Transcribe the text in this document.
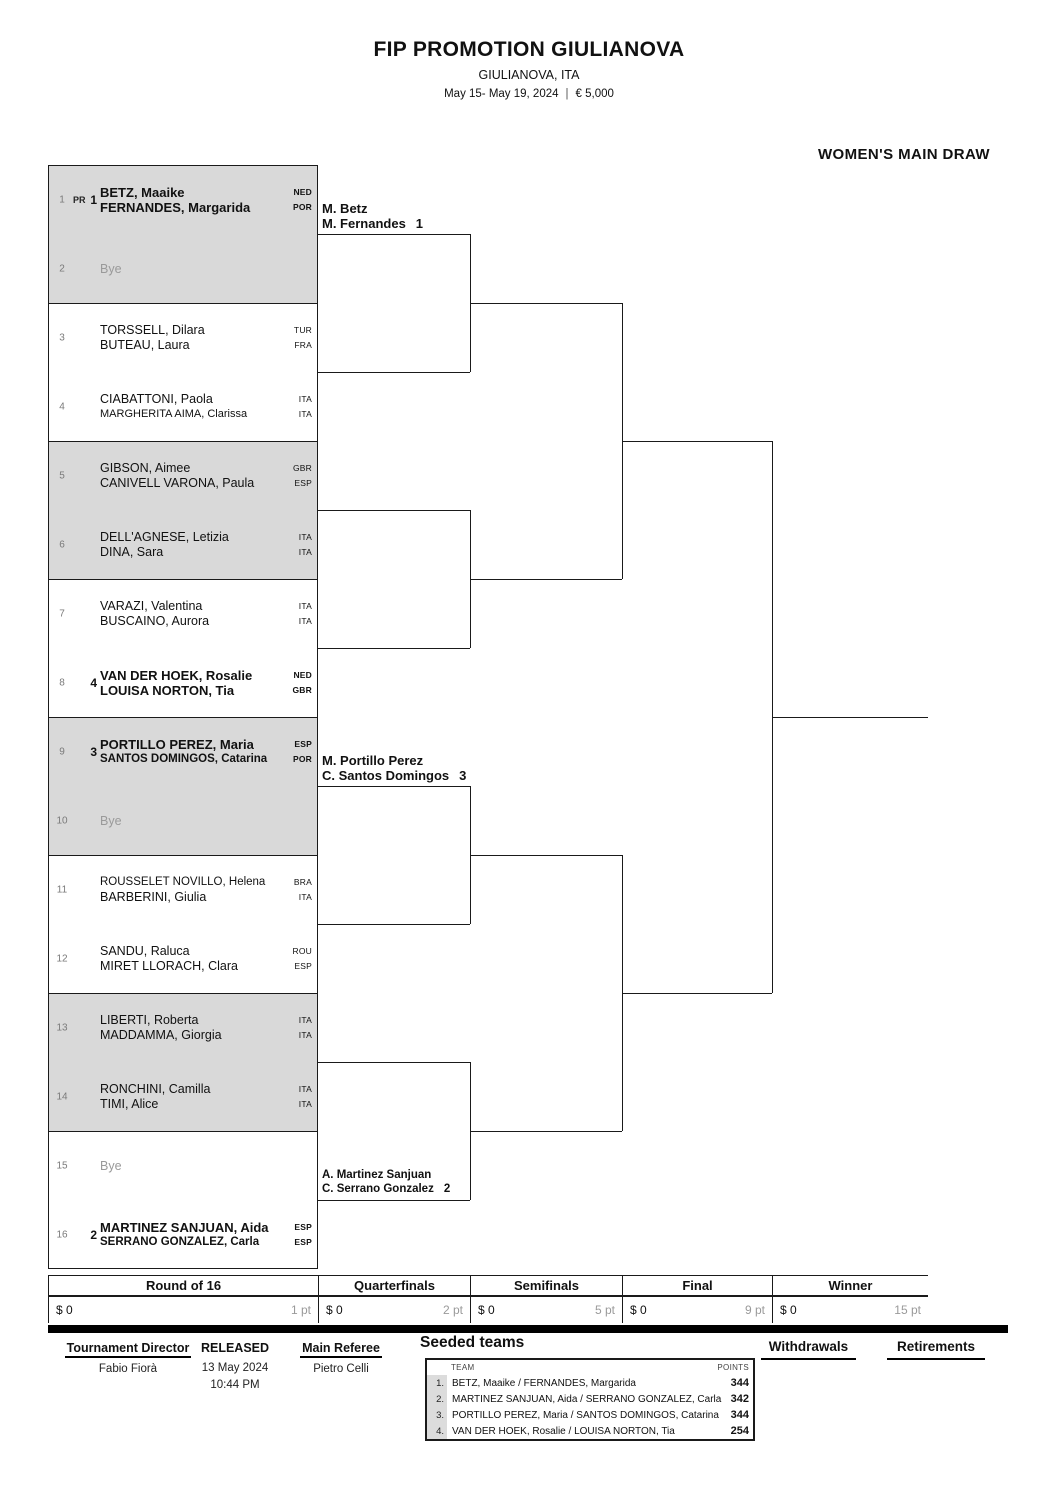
FIP PROMOTION GIULIANOVA
GIULIANOVA, ITA
May 15- May 19, 2024 | € 5,000
WOMEN'S MAIN DRAW
1 PR 1 BETZ, Maaike	NED
FERNANDES, Margarida	POR
2	Bye
3
TORSSELL, Dilara	TUR
BUTEAU, Laura	FRA
4
CIABATTONI, Paola	ITA
MARGHERITA AIMA, Clarissa	ITA
5
GIBSON, Aimee	GBR
CANIVELL VARONA, Paula	ESP
6
DELL'AGNESE, Letizia	ITA
DINA, Sara	ITA
7
VARAZI, Valentina	ITA
BUSCAINO, Aurora	ITA
8	4 VAN DER HOEK, Rosalie	NED
LOUISA NORTON, Tia	GBR
9	3 PORTILLO PEREZ, Maria	ESP
SANTOS DOMINGOS, Catarina	POR
10	Bye
11
ROUSSELET NOVILLO, Helena	BRA
BARBERINI, Giulia	ITA
12
SANDU, Raluca	ROU
MIRET LLORACH, Clara	ESP
13
LIBERTI, Roberta	ITA
MADDAMMA, Giorgia	ITA
14
RONCHINI, Camilla	ITA
TIMI, Alice	ITA
15	Bye
16	2 MARTINEZ SANJUAN, Aida	ESP
SERRANO GONZALEZ, Carla	ESP
M. Betz
M. Fernandes 1
M. Portillo Perez
C. Santos Domingos 3
A. Martinez Sanjuan
C. Serrano Gonzalez 2
Round of 16
$ 0	1 pt
Quarterfinals
$ 0	2 pt
Semifinals
$ 0	5 pt
Final
$ 0	9 pt
Winner
$ 0	15 pt
Tournament Director
Fabio Fiorà
RELEASED
13 May 2024
10:44 PM
Main Referee
Pietro Celli
Seeded teams
TEAM	POINTS
1. BETZ, Maaike / FERNANDES, Margarida	344
2. MARTINEZ SANJUAN, Aida / SERRANO GONZALEZ, Carla 342
3. PORTILLO PEREZ, Maria / SANTOS DOMINGOS, Catarina 344
4. VAN DER HOEK, Rosalie / LOUISA NORTON, Tia	254
Withdrawals	Retirements
